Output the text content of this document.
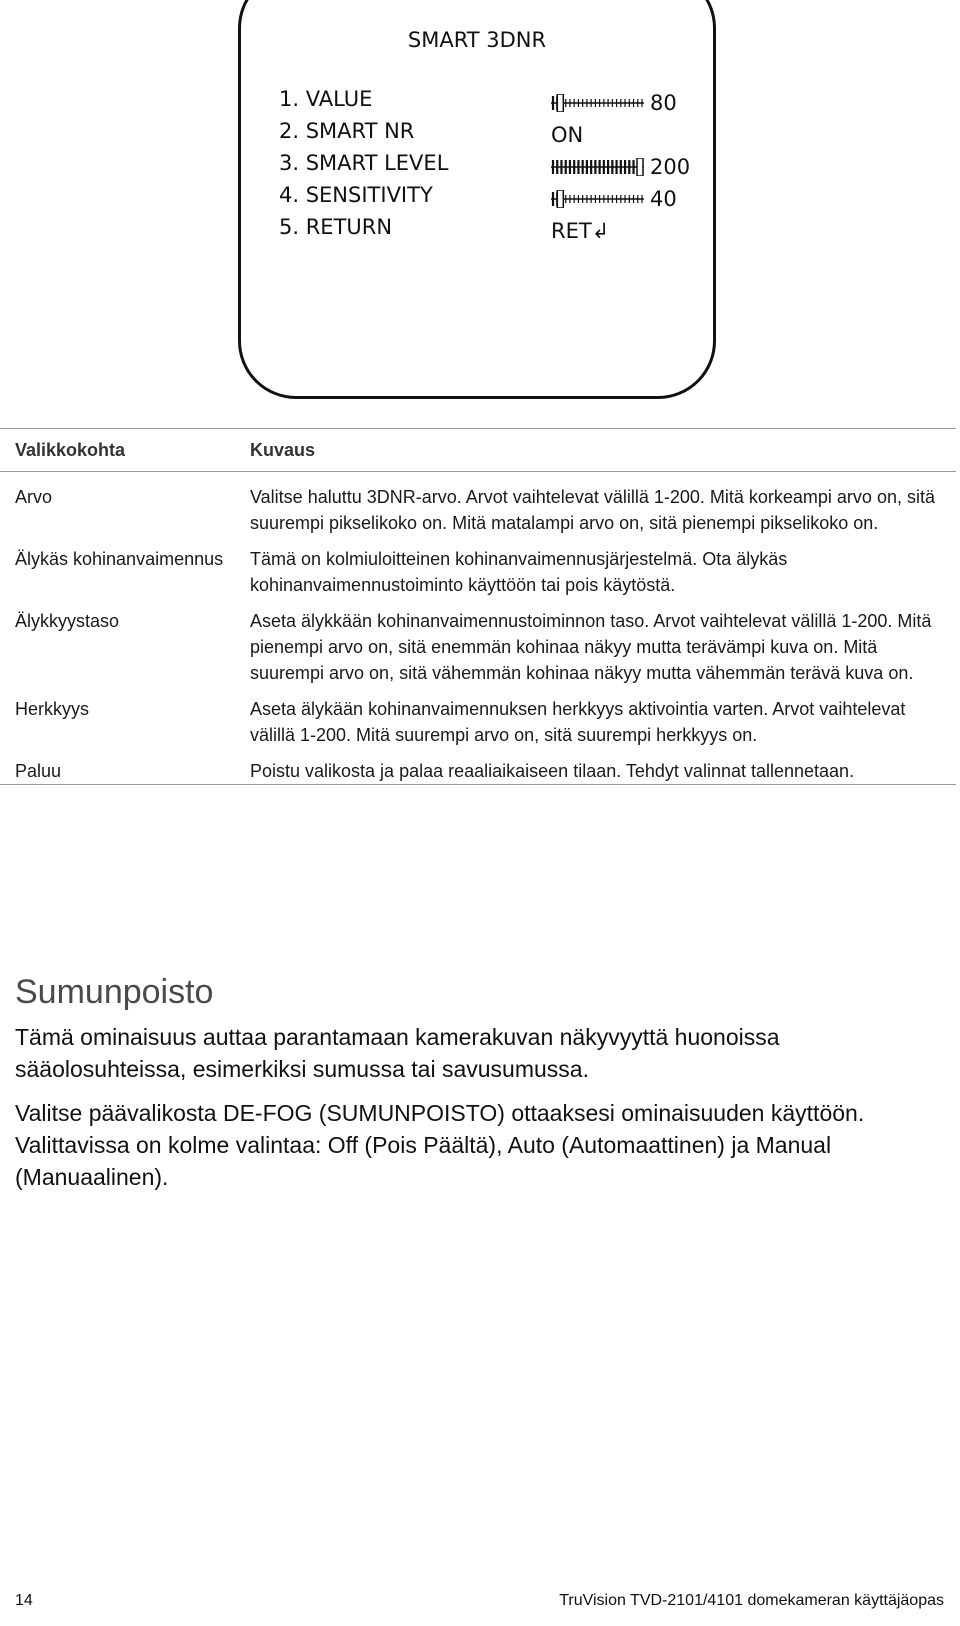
SMART 3DNR
1. VALUE
2. SMART NR
3. SMART LEVEL
4. SENSITIVITY
5. RETURN
80
ON
200
40
RET↲
Valikkokohta	Kuvaus
Arvo	Valitse haluttu 3DNR-arvo. Arvot vaihtelevat välillä 1-200. Mitä korkeampi arvo on, sitä suurempi pikselikoko on. Mitä matalampi arvo on, sitä pienempi pikselikoko on.
Älykäs kohinanvaimennus	Tämä on kolmiuloitteinen kohinanvaimennusjärjestelmä. Ota älykäs kohinanvaimennustoiminto käyttöön tai pois käytöstä.
Älykkyystaso	Aseta älykkään kohinanvaimennustoiminnon taso. Arvot vaihtelevat välillä 1-200. Mitä pienempi arvo on, sitä enemmän kohinaa näkyy mutta terävämpi kuva on. Mitä suurempi arvo on, sitä vähemmän kohinaa näkyy mutta vähemmän terävä kuva on.
Herkkyys	Aseta älykään kohinanvaimennuksen herkkyys aktivointia varten. Arvot vaihtelevat välillä 1-200. Mitä suurempi arvo on, sitä suurempi herkkyys on.
Paluu	Poistu valikosta ja palaa reaaliaikaiseen tilaan. Tehdyt valinnat tallennetaan.
Sumunpoisto

Tämä ominaisuus auttaa parantamaan kamerakuvan näkyvyyttä huonoissa sääolosuhteissa, esimerkiksi sumussa tai savusumussa.

Valitse päävalikosta DE-FOG (SUMUNPOISTO) ottaaksesi ominaisuuden käyttöön. Valittavissa on kolme valintaa: Off (Pois Päältä), Auto (Automaattinen) ja Manual (Manuaalinen).

14	TruVision TVD-2101/4101 domekameran käyttäjäopas
